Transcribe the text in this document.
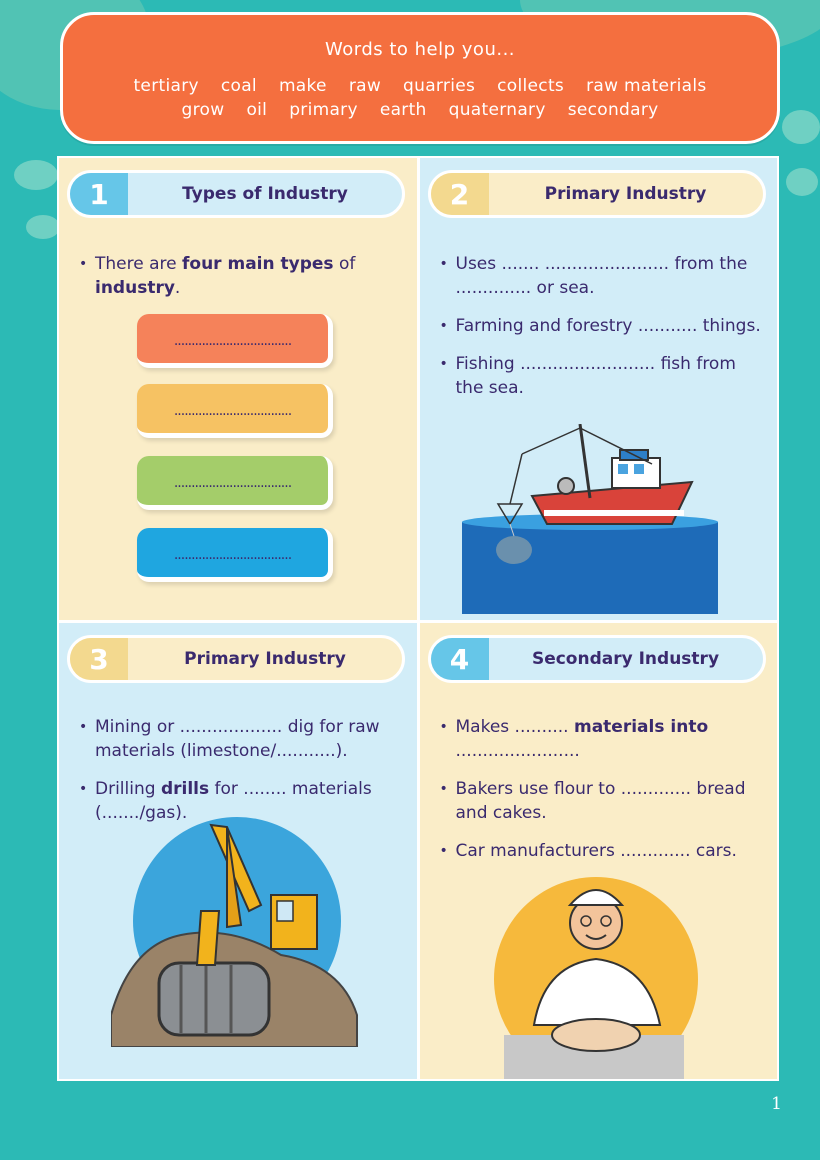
Words to help you...
tertiary coal make raw quarries collects raw materials
grow oil primary earth quaternary secondary
1	Types of Industry
• There are four main types of industry.
..................................
..................................
..................................
..................................
2	Primary Industry
• Uses ....... ....................... from the .............. or sea.
• Farming and forestry ........... things.
• Fishing ......................... fish from the sea.
3	Primary Industry
• Mining or ................... dig for raw materials (limestone/...........).
• Drilling drills for ........ materials (......./gas).
4	Secondary Industry
• Makes .......... materials into .......................
• Bakers use flour to ............. bread and cakes.
• Car manufacturers ............. cars.
1
